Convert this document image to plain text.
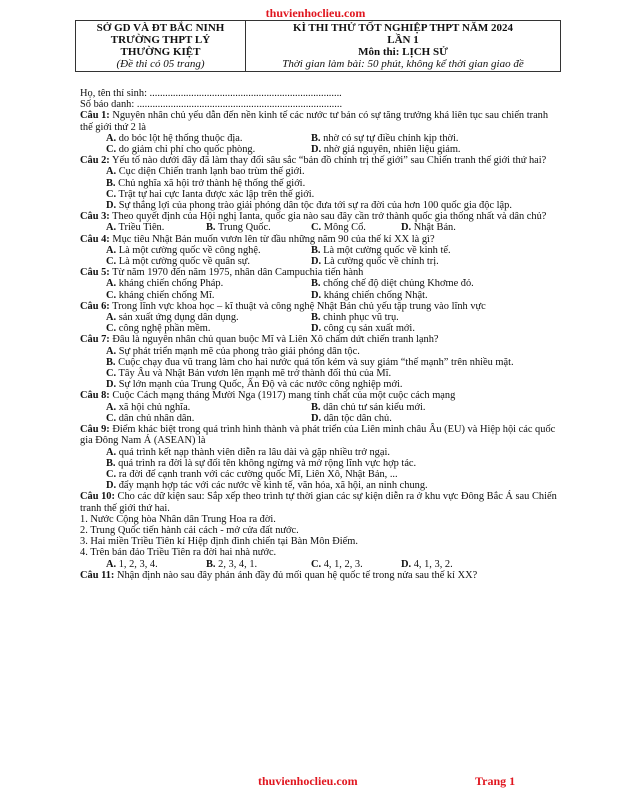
thuvienhoclieu.com
SỞ GD VÀ ĐT BẮC NINH
TRƯỜNG THPT LÝ
THƯỜNG KIỆT
(Đề thi có 05 trang)

KÌ THI THỬ TỐT NGHIỆP THPT NĂM 2024
LẦN 1
Môn thi: LỊCH SỬ
Thời gian làm bài: 50 phút, không kể thời gian giao đề
Họ, tên thí sinh: ..........................................................................
Số báo danh: ...............................................................................
Câu 1: Nguyên nhân chủ yếu dẫn đến nền kinh tế các nước tư bản có sự tăng trưởng khá liên tục sau chiến tranh thế giới thứ 2 là
A. do bóc lột hệ thống thuộc địa.	B. nhờ có sự tự điều chỉnh kịp thời.
C. do giảm chi phí cho quốc phòng.	D. nhờ giá nguyên, nhiên liệu giảm.
Câu 2: Yếu tố nào dưới đây đã làm thay đổi sâu sắc “bản đồ chính trị thế giới” sau Chiến tranh thế giới thứ hai?
A. Cục diện Chiến tranh lạnh bao trùm thế giới.
B. Chủ nghĩa xã hội trở thành hệ thống thế giới.
C. Trật tự hai cực Ianta được xác lập trên thế giới.
D. Sự thắng lợi của phong trào giải phóng dân tộc đưa tới sự ra đời của hơn 100 quốc gia độc lập.
Câu 3: Theo quyết định của Hội nghị Ianta, quốc gia nào sau đây cần trở thành quốc gia thống nhất và dân chủ?
A. Triều Tiên.	B. Trung Quốc.	C. Mông Cổ.	D. Nhật Bản.
Câu 4: Mục tiêu Nhật Bản muốn vươn lên từ đầu những năm 90 của thế kỉ XX là gì?
A. Là một cường quốc về công nghệ.	B. Là một cường quốc về kinh tế.
C. Là một cường quốc về quân sự.	D. Là cường quốc về chính trị.
Câu 5: Từ năm 1970 đến năm 1975, nhân dân Campuchia tiến hành
A. kháng chiến chống Pháp.	B. chống chế độ diệt chủng Khơme đỏ.
C. kháng chiến chống Mĩ.	D. kháng chiến chống Nhật.
Câu 6: Trong lĩnh vực khoa học – kĩ thuật và công nghệ Nhật Bản chủ yếu tập trung vào lĩnh vực
A. sản xuất ứng dụng dân dụng.	B. chinh phục vũ trụ.
C. công nghệ phần mềm.	D. công cụ sản xuất mới.
Câu 7: Đâu là nguyên nhân chủ quan buộc Mĩ và Liên Xô chấm dứt chiến tranh lạnh?
A. Sự phát triển mạnh mẽ của phong trào giải phóng dân tộc.
B. Cuộc chạy đua vũ trang làm cho hai nước quá tốn kém và suy giảm “thế mạnh” trên nhiều mặt.
C. Tây Âu và Nhật Bản vươn lên mạnh mẽ trở thành đối thủ của Mĩ.
D. Sự lớn mạnh của Trung Quốc, Ấn Độ và các nước công nghiệp mới.
Câu 8: Cuộc Cách mạng tháng Mười Nga (1917) mang tính chất của một cuộc cách mạng
A. xã hội chủ nghĩa.	B. dân chủ tư sản kiểu mới.
C. dân chủ nhân dân.	D. dân tộc dân chủ.
Câu 9: Điểm khác biệt trong quá trình hình thành và phát triển của Liên minh châu Âu (EU) và Hiệp hội các quốc gia Đông Nam Á (ASEAN) là
A. quá trình kết nạp thành viên diễn ra lâu dài và gặp nhiều trở ngại.
B. quá trình ra đời là sự đối tên không ngừng và mở rộng lĩnh vực hợp tác.
C. ra đời để cạnh tranh với các cường quốc Mĩ, Liên Xô, Nhật Bản, ...
D. đẩy mạnh hợp tác với các nước về kinh tế, văn hóa, xã hội, an ninh chung.
Câu 10: Cho các dữ kiện sau: Sắp xếp theo trình tự thời gian các sự kiện diễn ra ở khu vực Đông Bắc Á sau Chiến tranh thế giới thứ hai.
1. Nước Cộng hòa Nhân dân Trung Hoa ra đời.
2. Trung Quốc tiến hành cải cách - mở cửa đất nước.
3. Hai miền Triều Tiên kí Hiệp định đình chiến tại Bàn Môn Điếm.
4. Trên bán đảo Triều Tiên ra đời hai nhà nước.
A. 1, 2, 3, 4.	B. 2, 3, 4, 1.	C. 4, 1, 2, 3.	D. 4, 1, 3, 2.
Câu 11: Nhận định nào sau đây phản ánh đầy đủ mối quan hệ quốc tế trong nửa sau thế kỉ XX?
thuvienhoclieu.com	Trang 1
